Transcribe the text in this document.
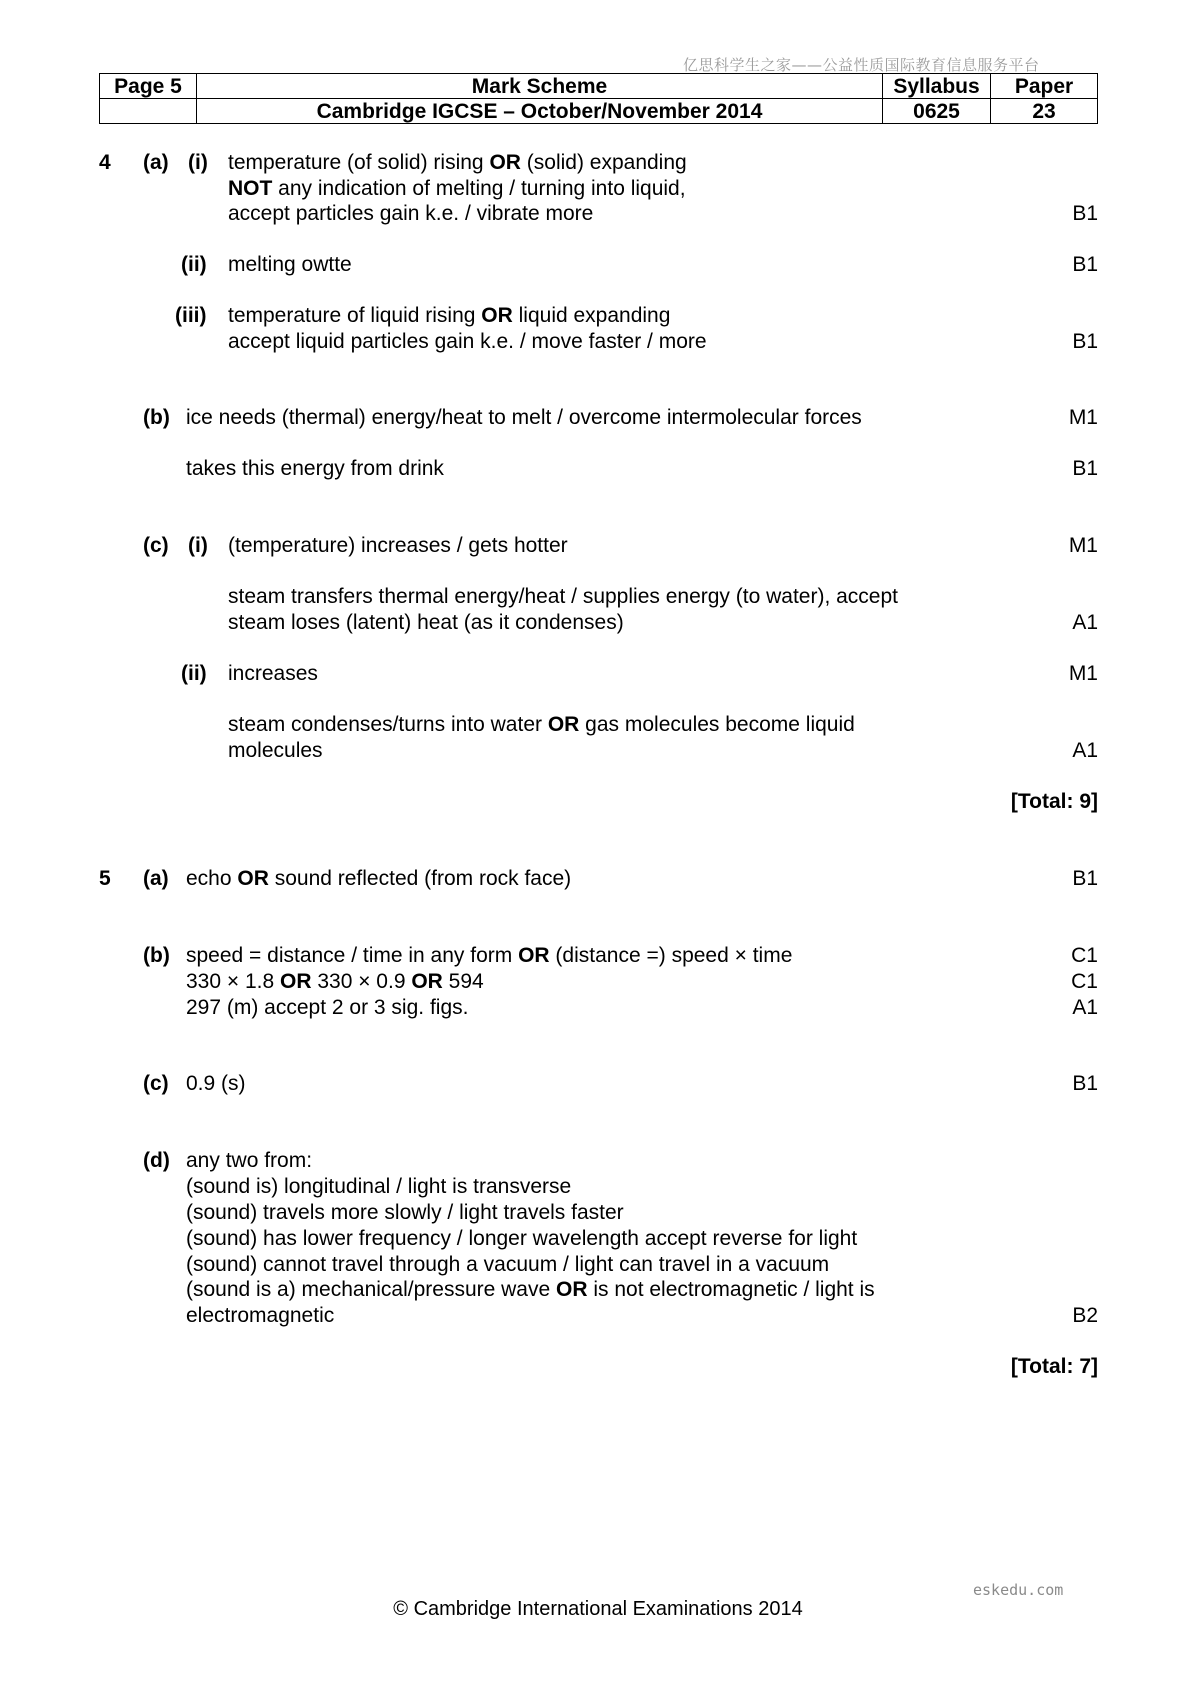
亿思科学生之家——公益性质国际教育信息服务平台
Page 5	Mark Scheme	Syllabus	Paper
	Cambridge IGCSE – October/November 2014	0625	23
4 (a) (i) temperature (of solid) rising OR (solid) expanding
NOT any indication of melting / turning into liquid,
accept particles gain k.e. / vibrate more	B1
(ii) melting owtte	B1
(iii) temperature of liquid rising OR liquid expanding
accept liquid particles gain k.e. / move faster / more	B1
(b) ice needs (thermal) energy/heat to melt / overcome intermolecular forces	M1
takes this energy from drink	B1
(c) (i) (temperature) increases / gets hotter	M1
steam transfers thermal energy/heat / supplies energy (to water), accept
steam loses (latent) heat (as it condenses)	A1
(ii) increases	M1
steam condenses/turns into water OR gas molecules become liquid
molecules	A1
[Total: 9]
5 (a) echo OR sound reflected (from rock face)	B1
(b) speed = distance / time in any form OR (distance =) speed × time	C1
330 × 1.8 OR 330 × 0.9 OR 594	C1
297 (m) accept 2 or 3 sig. figs.	A1
(c) 0.9 (s)	B1
(d) any two from:
(sound is) longitudinal / light is transverse
(sound) travels more slowly / light travels faster
(sound) has lower frequency / longer wavelength accept reverse for light
(sound) cannot travel through a vacuum / light can travel in a vacuum
(sound is a) mechanical/pressure wave OR is not electromagnetic / light is
electromagnetic	B2
[Total: 7]
eskedu.com
© Cambridge International Examinations 2014
